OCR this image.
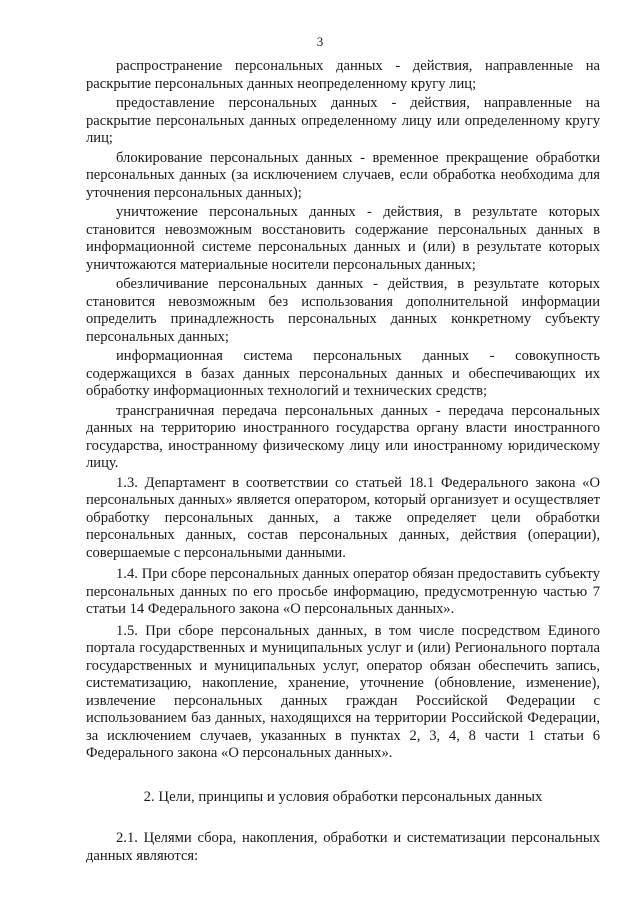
3

распространение персональных данных - действия, направленные на раскрытие персональных данных неопределенному кругу лиц;

предоставление персональных данных - действия, направленные на раскрытие персональных данных определенному лицу или определенному кругу лиц;

блокирование персональных данных - временное прекращение обработки персональных данных (за исключением случаев, если обработка необходима для уточнения персональных данных);

уничтожение персональных данных - действия, в результате которых становится невозможным восстановить содержание персональных данных в информационной системе персональных данных и (или) в результате которых уничтожаются материальные носители персональных данных;

обезличивание персональных данных - действия, в результате которых становится невозможным без использования дополнительной информации определить принадлежность персональных данных конкретному субъекту персональных данных;

информационная система персональных данных - совокупность содержащихся в базах данных персональных данных и обеспечивающих их обработку информационных технологий и технических средств;

трансграничная передача персональных данных - передача персональных данных на территорию иностранного государства органу власти иностранного государства, иностранному физическому лицу или иностранному юридическому лицу.

1.3. Департамент в соответствии со статьей 18.1 Федерального закона «О персональных данных» является оператором, который организует и осуществляет обработку персональных данных, а также определяет цели обработки персональных данных, состав персональных данных, действия (операции), совершаемые с персональными данными.

1.4. При сборе персональных данных оператор обязан предоставить субъекту персональных данных по его просьбе информацию, предусмотренную частью 7 статьи 14 Федерального закона «О персональных данных».

1.5. При сборе персональных данных, в том числе посредством Единого портала государственных и муниципальных услуг и (или) Регионального портала государственных и муниципальных услуг, оператор обязан обеспечить запись, систематизацию, накопление, хранение, уточнение (обновление, изменение), извлечение персональных данных граждан Российской Федерации с использованием баз данных, находящихся на территории Российской Федерации, за исключением случаев, указанных в пунктах 2, 3, 4, 8 части 1 статьи 6 Федерального закона «О персональных данных».

2. Цели, принципы и условия обработки персональных данных

2.1. Целями сбора, накопления, обработки и систематизации персональных данных являются:
